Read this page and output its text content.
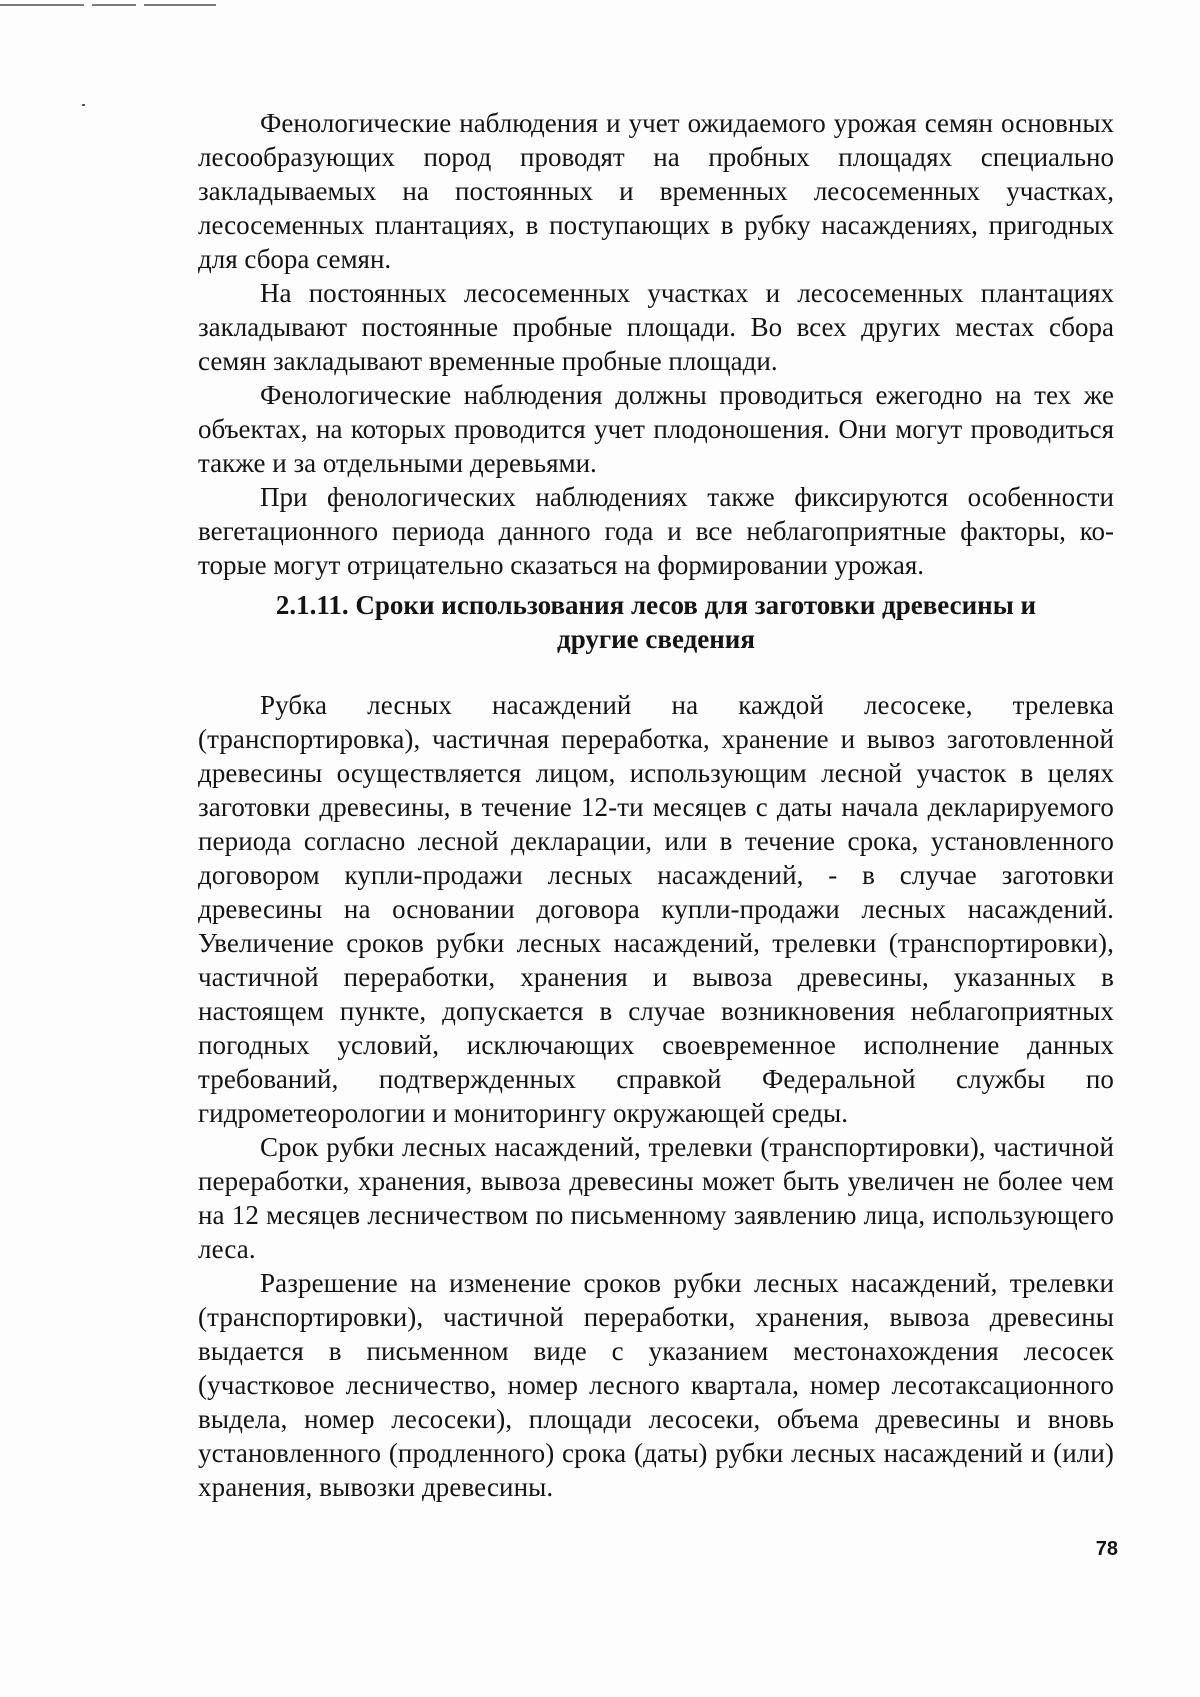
Фенологические наблюдения и учет ожидаемого урожая семян основных лесообразующих пород проводят на пробных площадях специально закладываемых на постоянных и временных лесосеменных участках, лесосеменных плантациях, в поступающих в рубку насаждениях, пригодных для сбора семян.

На постоянных лесосеменных участках и лесосеменных плантациях закладывают постоянные пробные площади. Во всех других местах сбора семян закладывают временные пробные площади.

Фенологические наблюдения должны проводиться ежегодно на тех же объектах, на которых проводится учет плодоношения. Они могут проводиться также и за отдельными деревьями.

При фенологических наблюдениях также фиксируются особенности вегетационного периода данного года и все неблагоприятные факторы, которые могут отрицательно сказаться на формировании урожая.

2.1.11. Сроки использования лесов для заготовки древесины и
другие сведения

Рубка лесных насаждений на каждой лесосеке, трелевка (транспортировка), частичная переработка, хранение и вывоз заготовленной древесины осуществляется лицом, использующим лесной участок в целях заготовки древесины, в течение 12-ти месяцев с даты начала декларируемого периода согласно лесной декларации, или в течение срока, установленного договором купли-продажи лесных насаждений, - в случае заготовки древесины на основании договора купли-продажи лесных насаждений. Увеличение сроков рубки лесных насаждений, трелевки (транспортировки), частичной переработки, хранения и вывоза древесины, указанных в настоящем пункте, допускается в случае возникновения неблагоприятных погодных условий, исключающих своевременное исполнение данных требований, подтвержденных справкой Федеральной службы по гидрометеорологии и мониторингу окружающей среды.

Срок рубки лесных насаждений, трелевки (транспортировки), частичной переработки, хранения, вывоза древесины может быть увеличен не более чем на 12 месяцев лесничеством по письменному заявлению лица, использующего леса.

Разрешение на изменение сроков рубки лесных насаждений, трелевки (транспортировки), частичной переработки, хранения, вывоза древесины выдается в письменном виде с указанием местонахождения лесосек (участковое лесничество, номер лесного квартала, номер лесотаксационного выдела, номер лесосеки), площади лесосеки, объема древесины и вновь установленного (продленного) срока (даты) рубки лесных насаждений и (или) хранения, вывозки древесины.

78
